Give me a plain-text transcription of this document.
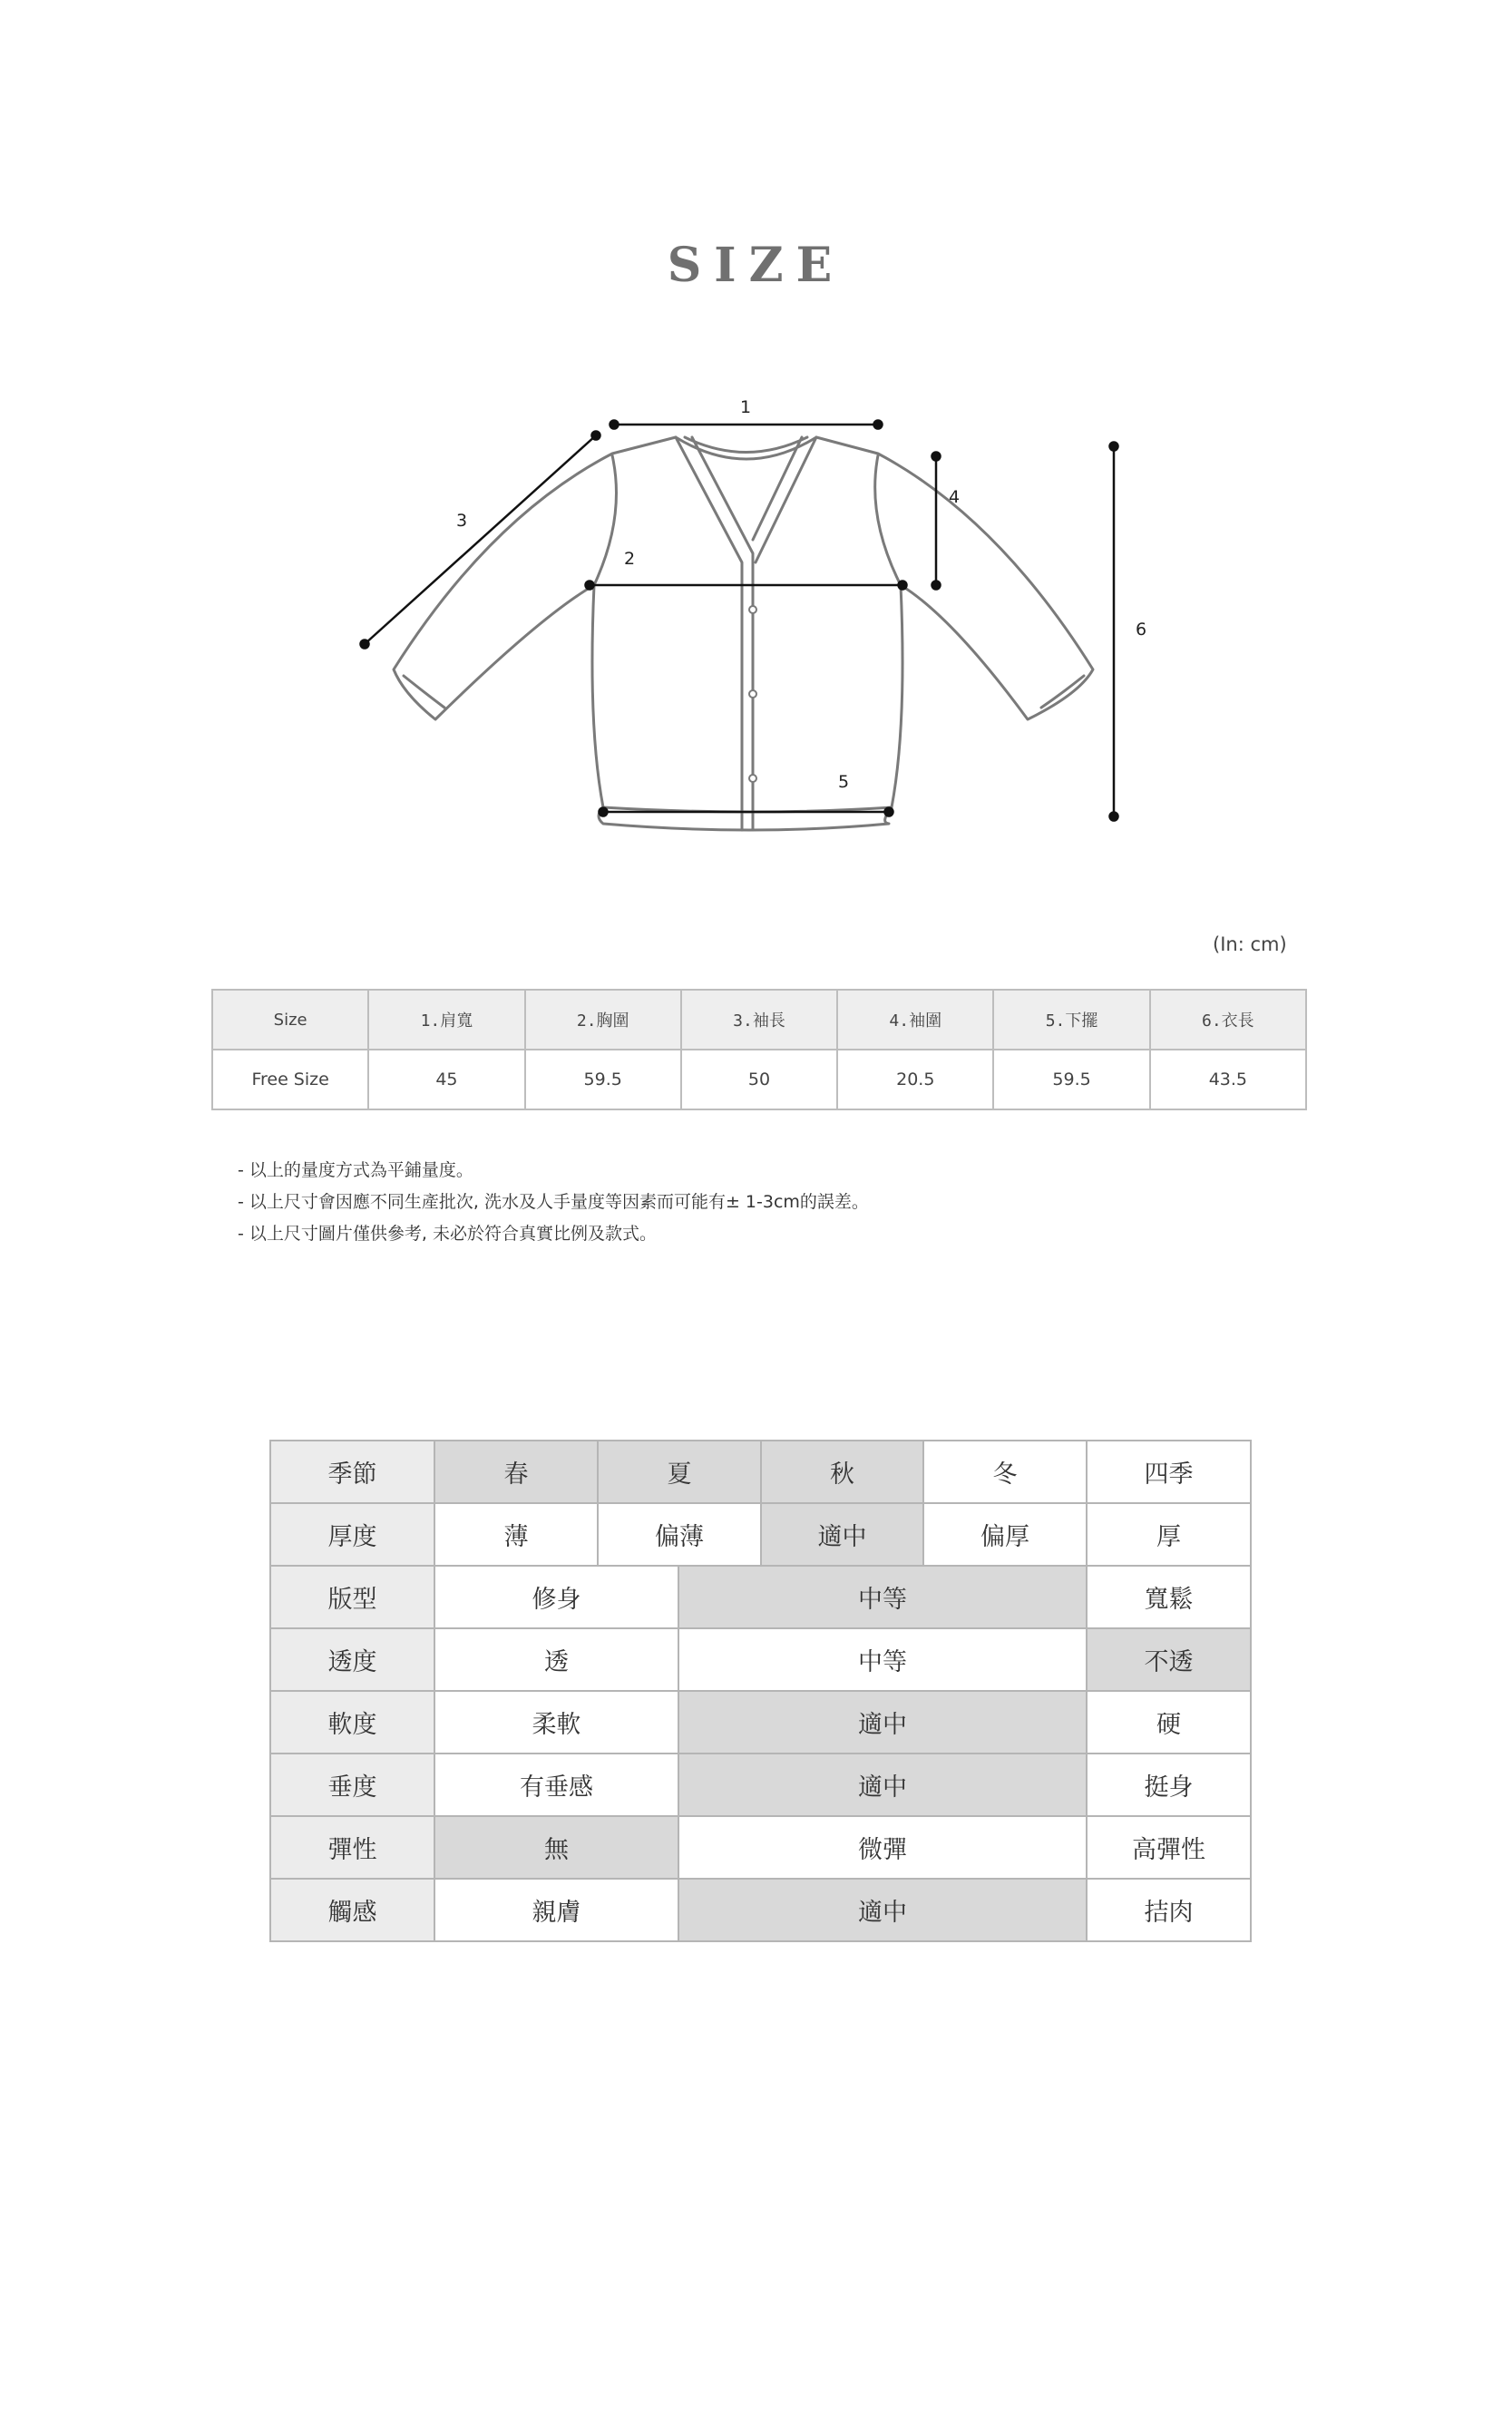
SIZE
1
2
3
4
5
6
(In: cm)
Size	1.肩寬	2.胸圍	3.袖長	4.袖圍	5.下擺	6.衣長
Free Size	45	59.5	50	20.5	59.5	43.5
- 以上的量度方式為平鋪量度。
- 以上尺寸會因應不同生產批次, 洗水及人手量度等因素而可能有± 1-3cm的誤差。
- 以上尺寸圖片僅供參考, 未必於符合真實比例及款式。
季節	春	夏		秋	冬	四季
厚度	薄	偏薄		適中	偏厚	厚
版型	修身		中等			寬鬆
透度	透		中等			不透
軟度	柔軟		適中			硬
垂度	有垂感		適中			挺身
彈性	無		微彈			高彈性
觸感	親膚		適中			拮肉
